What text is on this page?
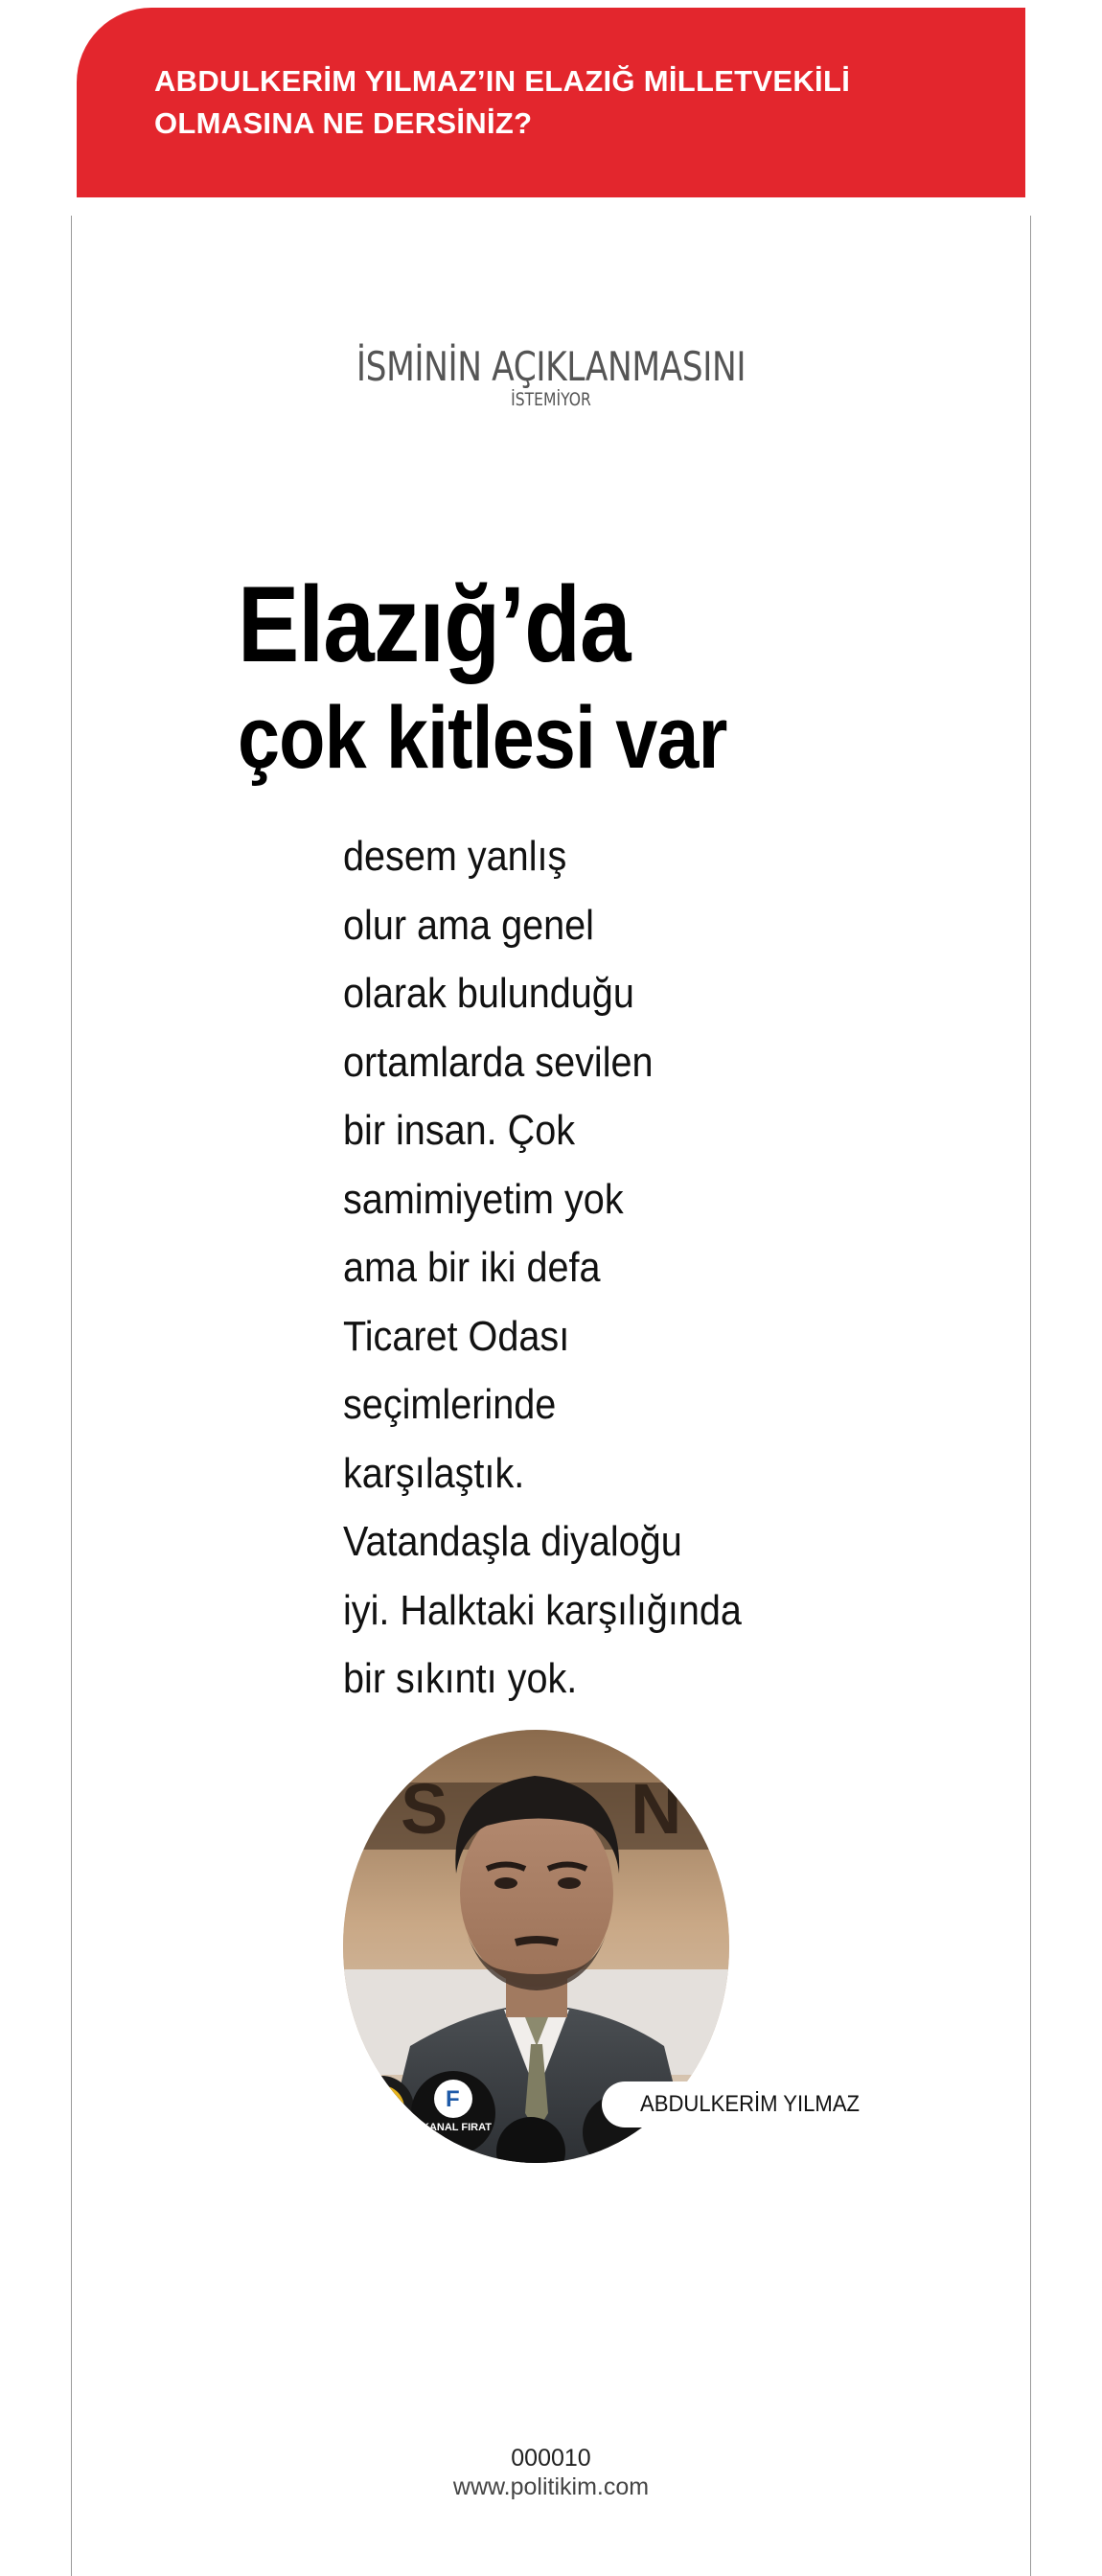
ABDULKERİM YILMAZ’IN ELAZIĞ MİLLETVEKİLİ OLMASINA NE DERSİNİZ?
İSMİNİN AÇIKLANMASINI
İSTEMİYOR
Elazığ’da
çok kitlesi var
desem yanlış
olur ama genel
olarak bulunduğu
ortamlarda sevilen
bir insan. Çok
samimiyetim yok
ama bir iki defa
Ticaret Odası
seçimlerinde
karşılaştık.
Vatandaşla diyaloğu
iyi. Halktaki karşılığında
bir sıkıntı yok.
S	N
F
KANAL FIRAT
ABDULKERİM YILMAZ
000010
www.politikim.com
